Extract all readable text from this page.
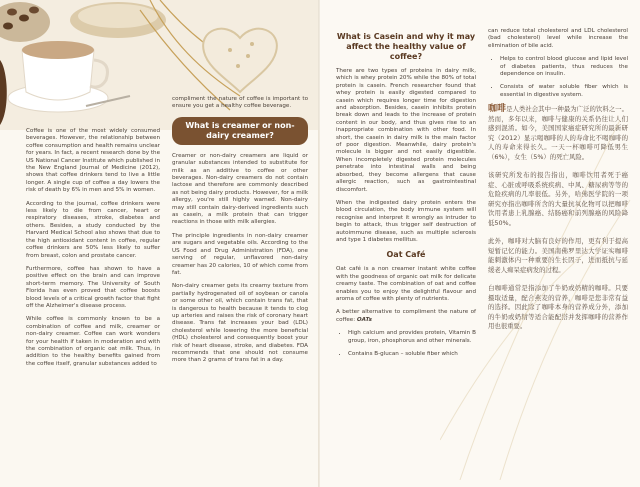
Coffee is one of the most widely consumed beverages. However, the relationship between coffee consumption and health remains unclear for years. In fact, a recent research done by the US National Cancer Institute which published in the New England Journal of Medicine (2012), shows that coffee drinkers tend to live a little longer. A single cup of coffee a day lowers the risk of death by 6% in men and 5% in women.

According to the journal, coffee drinkers were less likely to die from cancer, heart or respiratory diseases, stroke, diabetes and others. Besides, a study conducted by the Harvard Medical School also shows that due to the high antioxidant content in coffee, regular coffee drinkers are 50% less likely to suffer from breast, colon and prostate cancer.

Furthermore, coffee has shown to have a positive effect on the brain and can improve short-term memory. The University of South Florida has even proved that coffee boosts blood levels of a critical growth factor that fight off the Alzheimer's disease process.

While coffee is commonly known to be a combination of coffee and milk, creamer or non-dairy creamer. Coffee can work wonders for your health if taken in moderation and with the combination of organic oat milk. Thus, in addition to the healthy benefits gained from the coffee itself, granular substances added to

compliment the nature of coffee is important to ensure you get a healthy coffee beverage.

What is creamer or non-dairy creamer?

Creamer or non-dairy creamers are liquid or granular substances intended to substitute for milk as an additive to coffee or other beverages. Non-dairy creamers do not contain lactose and therefore are commonly described as not being dairy products. However, for a milk allergy, you're still highly warned. Non-dairy may still contain dairy-derived ingredients such as casein, a milk protein that can trigger reactions in those with milk allergies.

The principle ingredients in non-dairy creamer are sugars and vegetable oils. According to the US Food and Drug Administration (FDA), one serving of regular, unflavored non-dairy creamer has 20 calories, 10 of which come from fat.

Non-dairy creamer gets its creamy texture from partially hydrogenated oil of soybean or canola or some other oil, which contain trans fat, that is dangerous to health because it tends to clog up arteries and raises the risk of coronary heart disease. Trans fat increases your bad (LDL) cholesterol while lowering the more beneficial (HDL) cholesterol and consequently boost your risk of heart disease, stroke, and diabetes. FDA recommends that one should not consume more than 2 grams of trans fat in a day.

What is Casein and why it may affect the healthy value of coffee?

There are two types of proteins in dairy milk, which is whey protein 20% while the 80% of total protein is casein. French researcher found that whey protein is easily digested compared to casein which requires longer time for digestion and absorption. Besides, casein inhibits protein break down and leads to the increase of protein content in our body, and thus gives rise to an inappropriate combination with other food. In short, the casein in dairy milk is the main factor of poor digestion. Meanwhile, dairy protein's molecule is bigger and not easily digestible. When incompletely digested protein molecules penetrate into intestinal walls and being absorbed, they become allergens that cause allergic reaction, such as gastrointestinal discomfort.

When the indigested dairy protein enters the blood circulation, the body immune system will recognise and interpret it wrongly as intruder to begin to attack, thus trigger self destruction of autoimmune disease, such as multiple sclerosis and type 1 diabetes mellitus.

Oat Café

Oat café is a non creamer instant white coffee with the goodness of organic oat milk for delicate creamy taste. The combination of oat and coffee enables you to enjoy the delightful flavour and aroma of coffee with plenty of nutrients.

A better alternative to compliment the nature of coffee: OATs

• High calcium and provides protein, Vitamin B group, iron, phosphorus and other minerals.
• Contains B-glucan – soluble fiber which

can reduce total cholesterol and LDL cholesterol (bad cholesterol) level while increase the elimination of bile acid.

• Helps to control blood glucose and lipid level of diabetes patients, thus reduces the dependence on insulin.
• Consists of water soluble fiber which is essential in digestive system.

咖啡是人类社会其中一种最为广泛的饮料之一。然而，多年以来，咖啡与健康的关系仍往让人们感到混淆。如今，美国国家癌症研究所的最新研究（2012）显示喝咖啡的人的寿命比不喝咖啡的人的寿命来得长久。一天一杯咖啡可降低男生（6%），女生（5%）的死亡风险。

该研究所发布的报告指出，咖啡饮用者死于癌症、心脏或呼吸系统疾病、中风、糖尿病等等的危险疾病的几率很低。另外，哈佛医学院的一项研究亦指出咖啡所含的大量抗氧化物可以把咖啡饮用者患上乳腺癌、结肠癌和前列腺癌的风险降低50%。

此外，咖啡对大脑有良好的作用，更有利于提高短暂记忆的能力。美国南佛罗里达大学证实咖啡能刺激体内一种重要的生长因子，进而抵抗与延缓老人痴呆症病发的过程。

白咖啡通常是指添加了牛奶或奶精的咖啡。只要摄取适量，配合燕麦的营养，咖啡是您非常有益的选择。因此除了咖啡本身的营养成分外，添加的牛奶或奶精等适合能配搭并发挥咖啡的营养作用也很重要。
